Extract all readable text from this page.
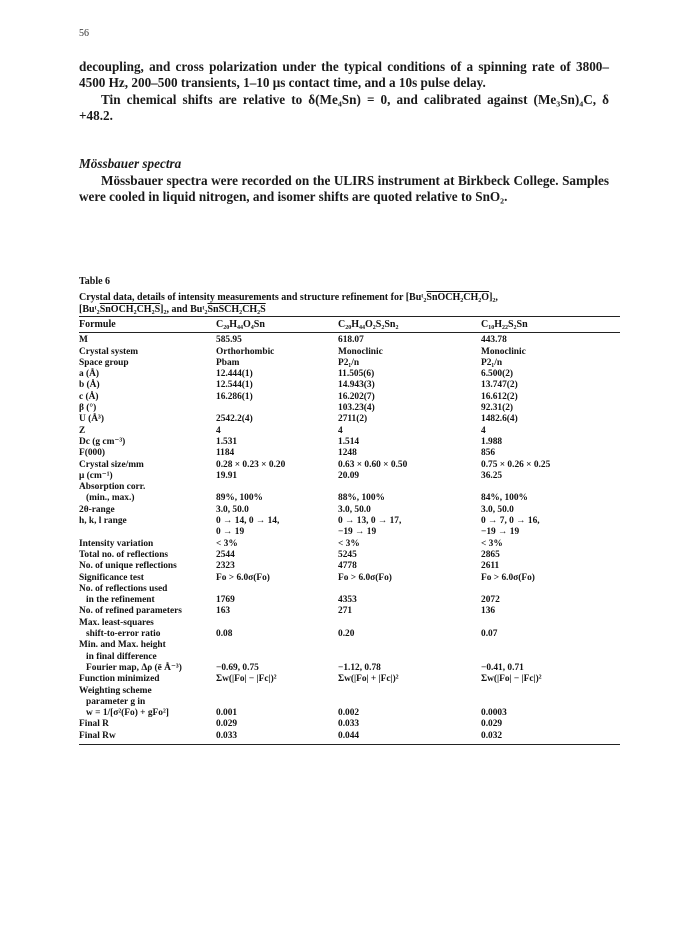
56

decoupling, and cross polarization under the typical conditions of a spinning rate of 3800–4500 Hz, 200–500 transients, 1–10 μs contact time, and a 10s pulse delay.

Tin chemical shifts are relative to δ(Me₄Sn) = 0, and calibrated against (Me₃Sn)₄C, δ +48.2.

Mössbauer spectra

Mössbauer spectra were recorded on the ULIRS instrument at Birkbeck College. Samples were cooled in liquid nitrogen, and isomer shifts are quoted relative to SnO₂.

Table 6
Crystal data, details of intensity measurements and structure refinement for [Buᵗ₂SnOCH₂CH₂O]₂,
[Buᵗ₂SnOCH₂CH₂S]₂, and Buᵗ₂SnSCH₂CH₂S
Formule	C₂₀H₄₄O₄Sn	C₂₀H₄₄O₂S₂Sn₂	C₁₀H₂₂S₂Sn
M	585.95	618.07	443.78
Crystal system	Orthorhombic	Monoclinic	Monoclinic
Space group	Pbam	P2₁/n	P2₁/n
a (Å)	12.444(1)	11.505(6)	6.500(2)
b (Å)	12.544(1)	14.943(3)	13.747(2)
c (Å)	16.286(1)	16.202(7)	16.612(2)
β (°)		103.23(4)	92.31(2)
U (Å³)	2542.2(4)	2711(2)	1482.6(4)
Z	4	4	4
Dc (g cm⁻³)	1.531	1.514	1.988
F(000)	1184	1248	856
Crystal size/mm	0.28 × 0.23 × 0.20	0.63 × 0.60 × 0.50	0.75 × 0.26 × 0.25
μ (cm⁻¹)	19.91	20.09	36.25
Absorption corr.			
(min., max.)	89%, 100%	88%, 100%	84%, 100%
2θ-range	3.0, 50.0	3.0, 50.0	3.0, 50.0
h, k, l range	0 → 14, 0 → 14,	0 → 13, 0 → 17,	0 → 7, 0 → 16,
	0 → 19	−19 → 19	−19 → 19
Intensity variation	< 3%	< 3%	< 3%
Total no. of reflections	2544	5245	2865
No. of unique reflections	2323	4778	2611
Significance test	Fo > 6.0σ(Fo)	Fo > 6.0σ(Fo)	Fo > 6.0σ(Fo)
No. of reflections used			
in the refinement	1769	4353	2072
No. of refined parameters	163	271	136
Max. least-squares			
shift-to-error ratio	0.08	0.20	0.07
Min. and Max. height			
in final difference			
Fourier map, Δρ (ē Å⁻³)	−0.69, 0.75	−1.12, 0.78	−0.41, 0.71
Function minimized	Σw(|Fo| − |Fc|)²	Σw(|Fo| + |Fc|)²	Σw(|Fo| − |Fc|)²
Weighting scheme			
parameter g in			
w = 1/[σ²(Fo) + gFo²]	0.001	0.002	0.0003
Final R	0.029	0.033	0.029
Final Rw	0.033	0.044	0.032
